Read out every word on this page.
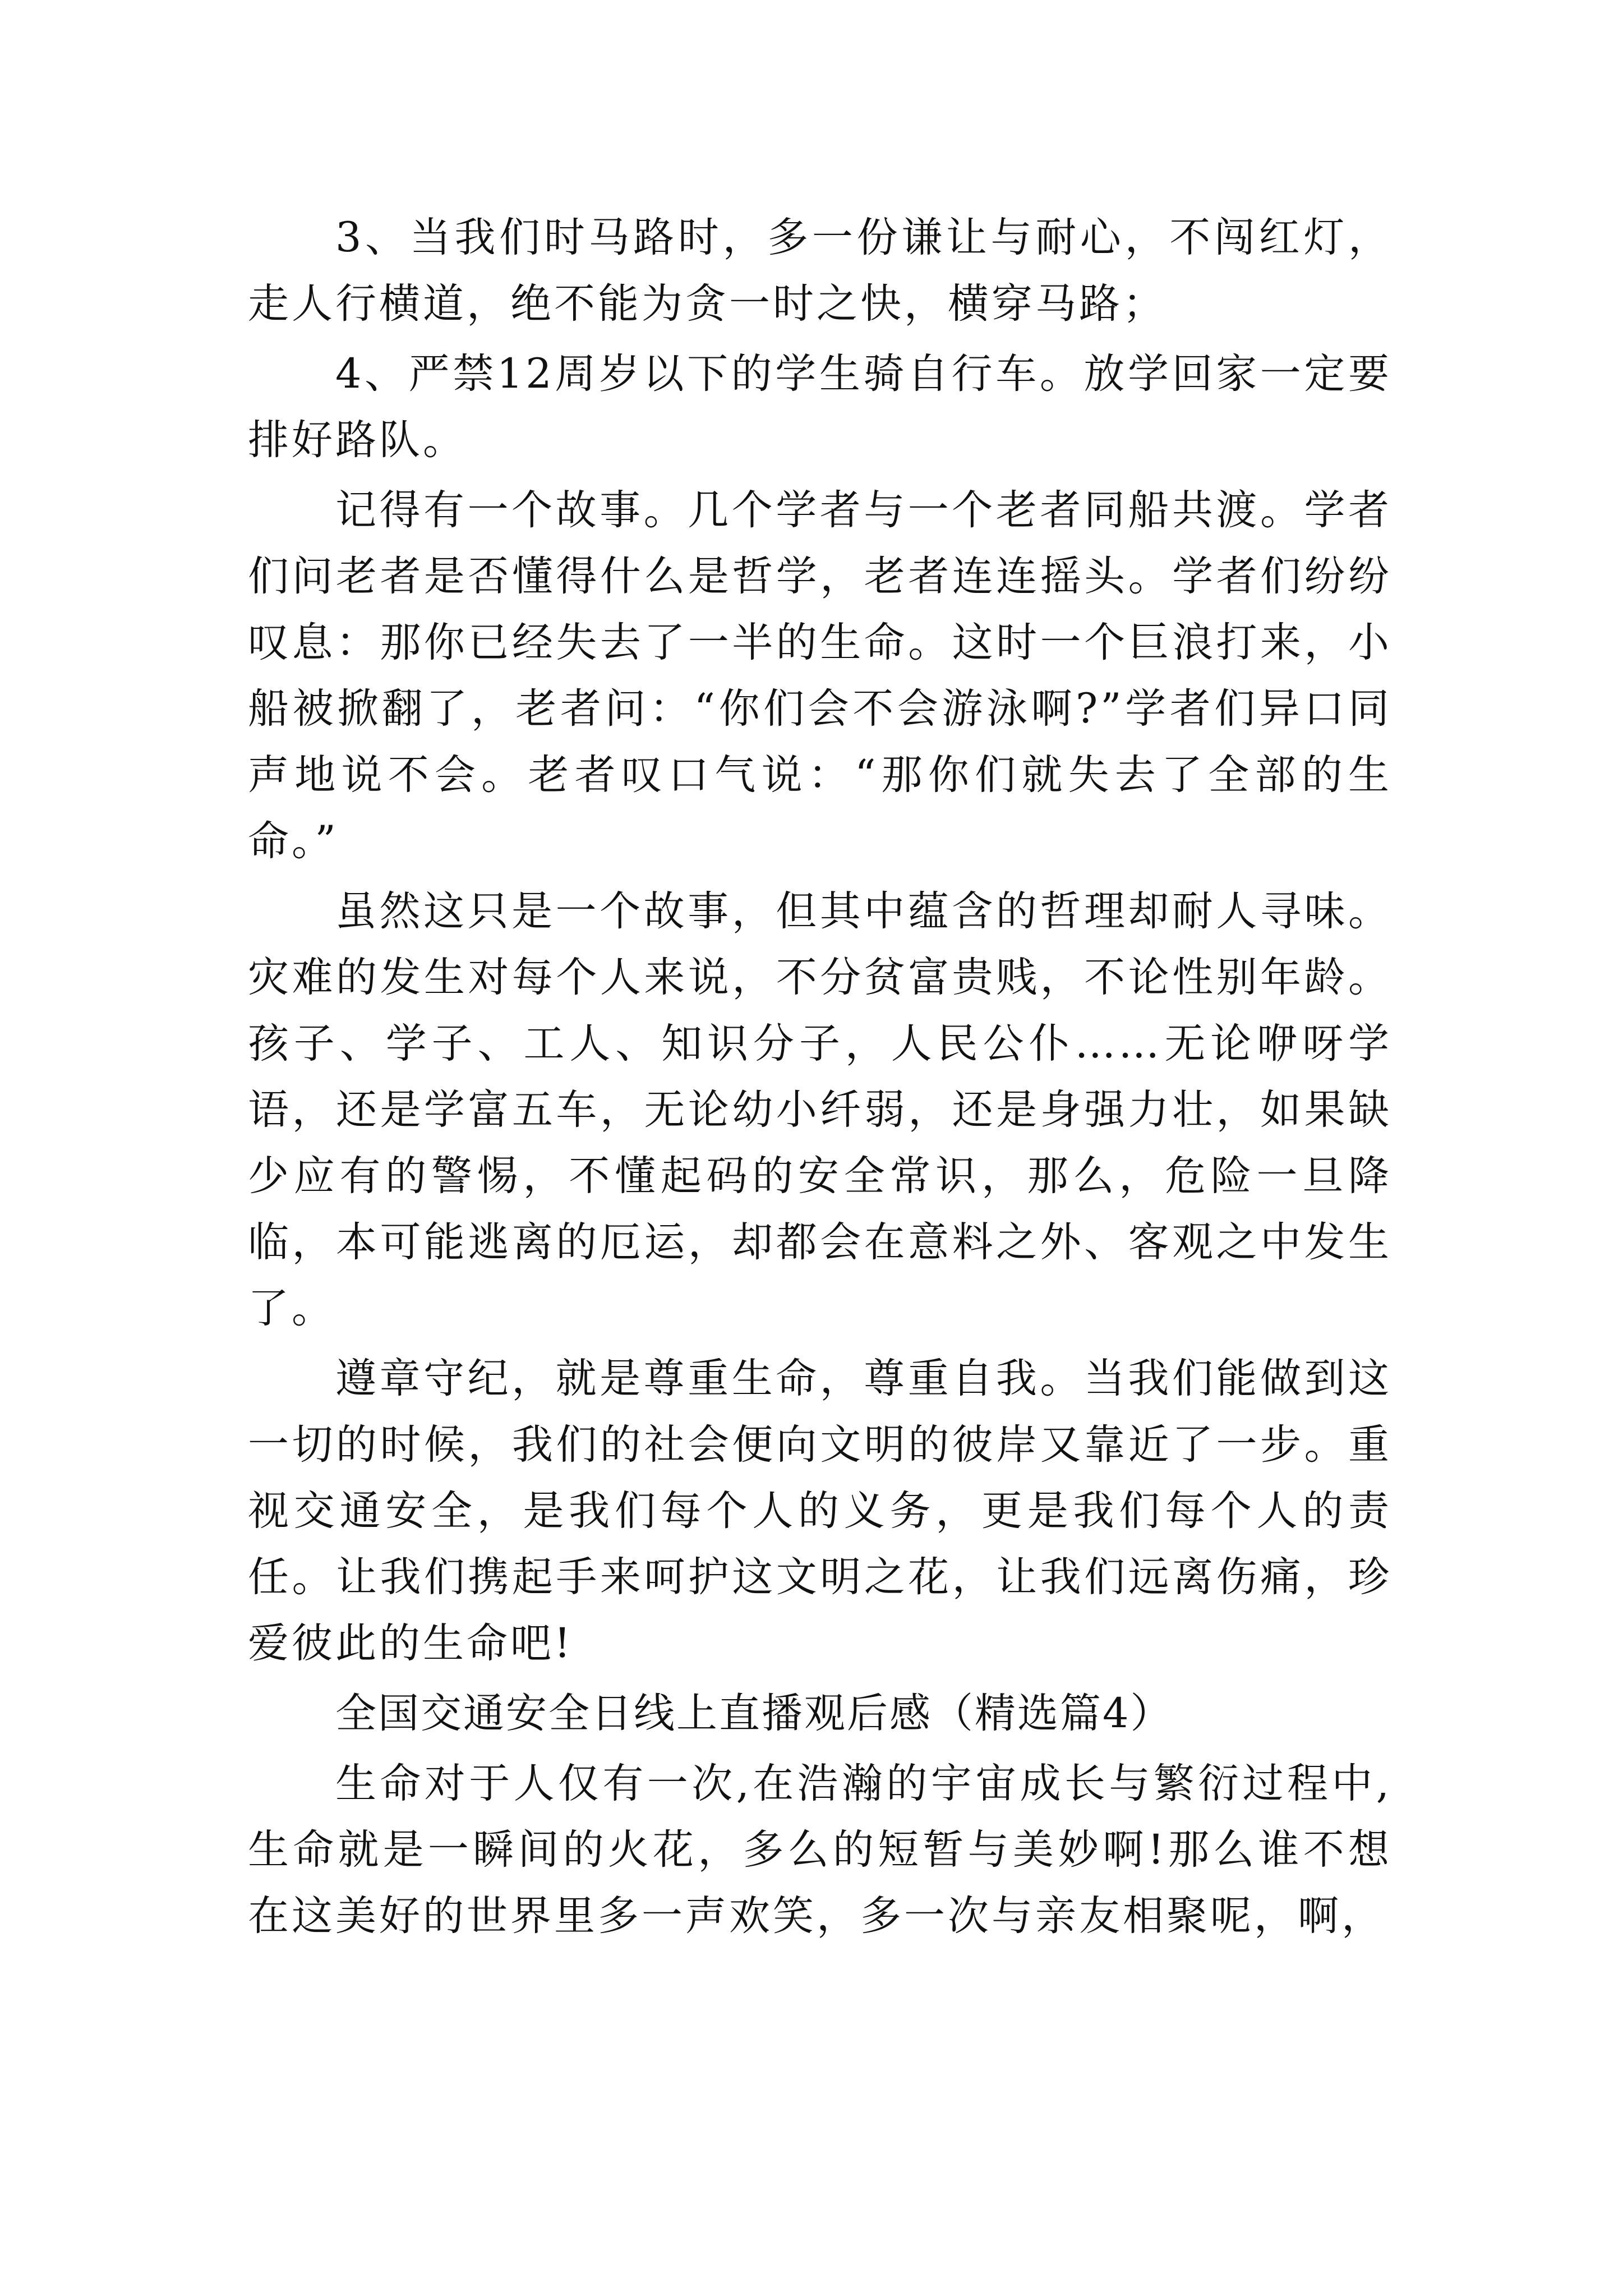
3、当我们时马路时，多一份谦让与耐心，不闯红灯，走人行横道，绝不能为贪一时之快，横穿马路；

4、严禁12周岁以下的学生骑自行车。放学回家一定要排好路队。

记得有一个故事。几个学者与一个老者同船共渡。学者们问老者是否懂得什么是哲学，老者连连摇头。学者们纷纷叹息：那你已经失去了一半的生命。这时一个巨浪打来，小船被掀翻了，老者问：“你们会不会游泳啊?”学者们异口同声地说不会。老者叹口气说：“那你们就失去了全部的生命。”

虽然这只是一个故事，但其中蕴含的哲理却耐人寻味。灾难的发生对每个人来说，不分贫富贵贱，不论性别年龄。孩子、学子、工人、知识分子，人民公仆……无论咿呀学语，还是学富五车，无论幼小纤弱，还是身强力壮，如果缺少应有的警惕，不懂起码的安全常识，那么，危险一旦降临，本可能逃离的厄运，却都会在意料之外、客观之中发生了。

遵章守纪，就是尊重生命，尊重自我。当我们能做到这一切的时候，我们的社会便向文明的彼岸又靠近了一步。重视交通安全，是我们每个人的义务，更是我们每个人的责任。让我们携起手来呵护这文明之花，让我们远离伤痛，珍爱彼此的生命吧!

全国交通安全日线上直播观后感（精选篇4）

生命对于人仅有一次,在浩瀚的宇宙成长与繁衍过程中,生命就是一瞬间的火花，多么的短暂与美妙啊!那么谁不想在这美好的世界里多一声欢笑，多一次与亲友相聚呢，啊，
